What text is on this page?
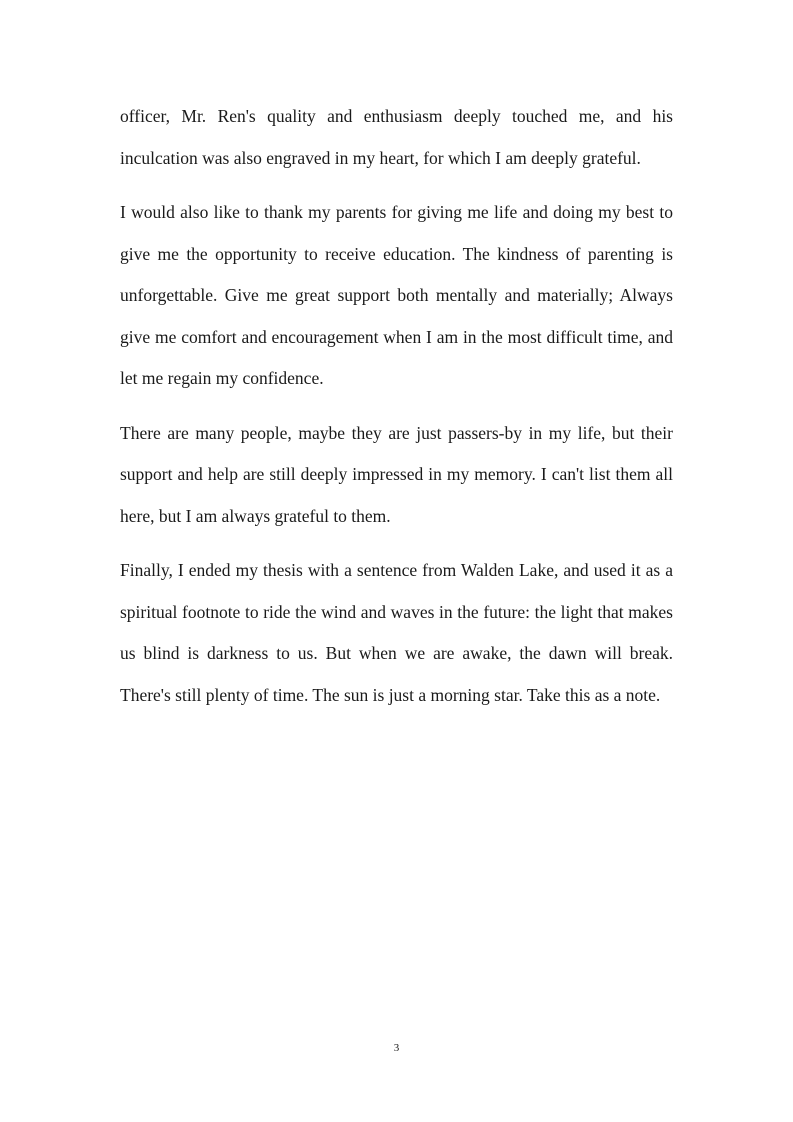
officer, Mr. Ren's quality and enthusiasm deeply touched me, and his inculcation was also engraved in my heart, for which I am deeply grateful.

I would also like to thank my parents for giving me life and doing my best to give me the opportunity to receive education. The kindness of parenting is unforgettable. Give me great support both mentally and materially; Always give me comfort and encouragement when I am in the most difficult time, and let me regain my confidence.

There are many people, maybe they are just passers-by in my life, but their support and help are still deeply impressed in my memory. I can't list them all here, but I am always grateful to them.

Finally, I ended my thesis with a sentence from Walden Lake, and used it as a spiritual footnote to ride the wind and waves in the future: the light that makes us blind is darkness to us. But when we are awake, the dawn will break. There's still plenty of time. The sun is just a morning star. Take this as a note.

3
